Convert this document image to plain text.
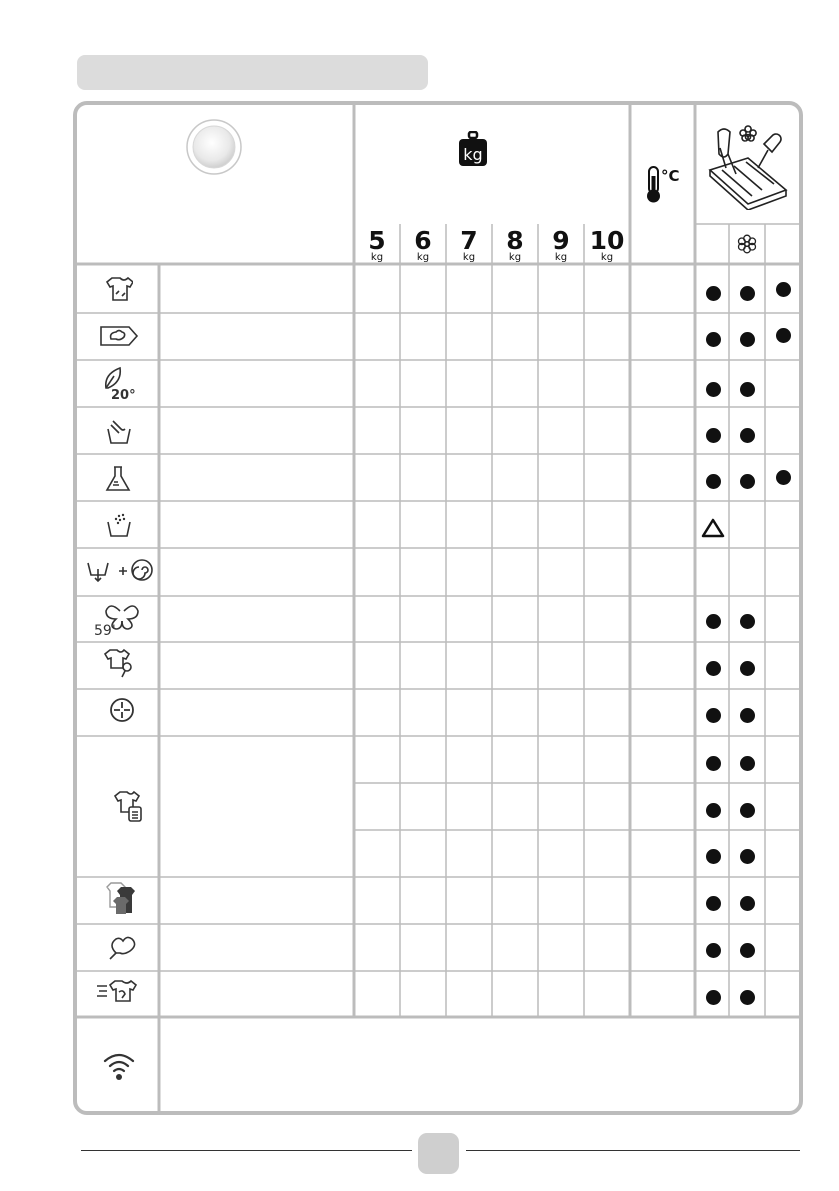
kg
5
kg
6
kg
7
kg
8
kg
9
kg
10
kg
°C
20°
59'
